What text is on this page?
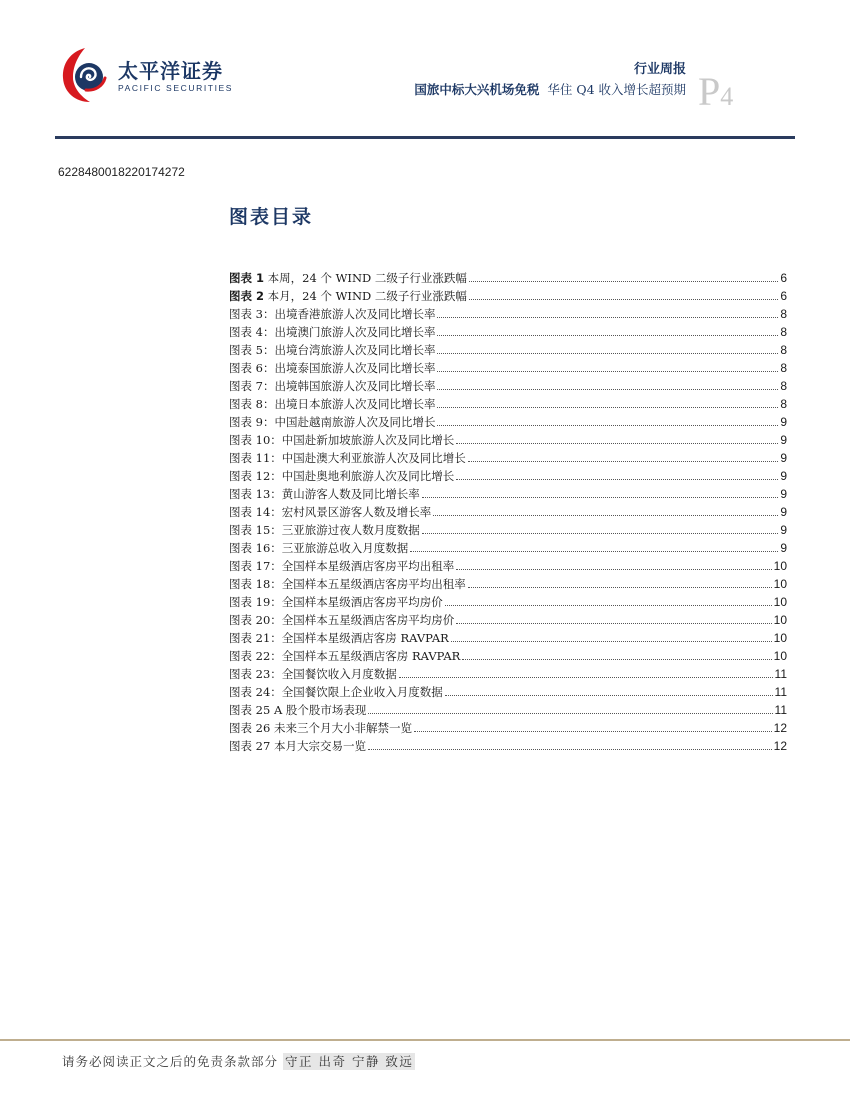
太平洋证券
PACIFIC SECURITIES
行业周报
国旅中标大兴机场免税 华住 Q4 收入增长超预期 P4
6228480018220174272
图表目录
图表 1 本周，24 个 WIND 二级子行业涨跌幅	6
图表 2 本月，24 个 WIND 二级子行业涨跌幅	6
图表 3：出境香港旅游人次及同比增长率	8
图表 4：出境澳门旅游人次及同比增长率	8
图表 5：出境台湾旅游人次及同比增长率	8
图表 6：出境泰国旅游人次及同比增长率	8
图表 7：出境韩国旅游人次及同比增长率	8
图表 8：出境日本旅游人次及同比增长率	8
图表 9：中国赴越南旅游人次及同比增长	9
图表 10：中国赴新加坡旅游人次及同比增长	9
图表 11：中国赴澳大利亚旅游人次及同比增长	9
图表 12：中国赴奥地利旅游人次及同比增长	9
图表 13：黄山游客人数及同比增长率	9
图表 14：宏村风景区游客人数及增长率	9
图表 15：三亚旅游过夜人数月度数据	9
图表 16：三亚旅游总收入月度数据	9
图表 17：全国样本星级酒店客房平均出租率	10
图表 18：全国样本五星级酒店客房平均出租率	10
图表 19：全国样本星级酒店客房平均房价	10
图表 20：全国样本五星级酒店客房平均房价	10
图表 21：全国样本星级酒店客房 RAVPAR	10
图表 22：全国样本五星级酒店客房 RAVPAR	10
图表 23：全国餐饮收入月度数据	11
图表 24：全国餐饮限上企业收入月度数据	11
图表 25 A 股个股市场表现	11
图表 26 未来三个月大小非解禁一览	12
图表 27 本月大宗交易一览	12
请务必阅读正文之后的免责条款部分 守正 出奇 宁静 致远
